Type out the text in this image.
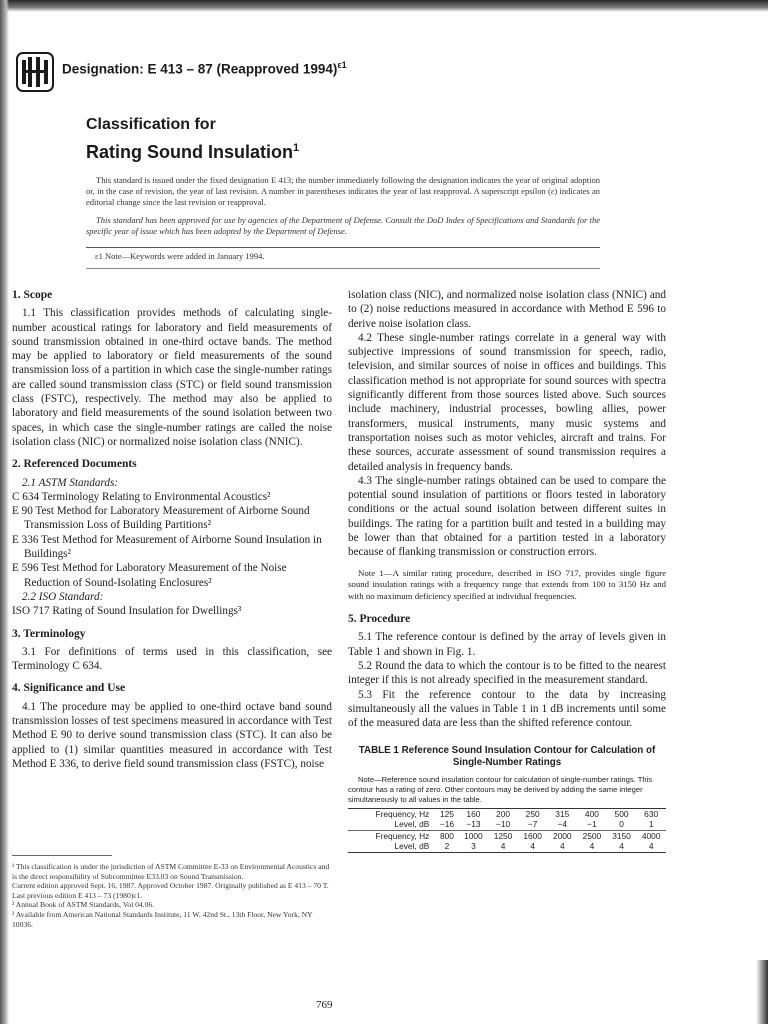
Designation: E 413 – 87 (Reapproved 1994)$^{\varepsilon 1}$
Classification for
Rating Sound Insulation$^1$

This standard is issued under the fixed designation E 413; the number immediately following the designation indicates the year of original adoption or, in the case of revision, the year of last revision. A number in parentheses indicates the year of last reapproval. A superscript epsilon (ε) indicates an editorial change since the last revision or reapproval.

This standard has been approved for use by agencies of the Department of Defense. Consult the DoD Index of Specifications and Standards for the specific year of issue which has been adopted by the Department of Defense.

ε1 Note—Keywords were added in January 1994.
1. Scope

1.1 This classification provides methods of calculating single-number acoustical ratings for laboratory and field measurements of sound transmission obtained in one-third octave bands. The method may be applied to laboratory or field measurements of the sound transmission loss of a partition in which case the single-number ratings are called sound transmission class (STC) or field sound transmission class (FSTC), respectively. The method may also be applied to laboratory and field measurements of the sound isolation between two spaces, in which case the single-number ratings are called the noise isolation class (NIC) or normalized noise isolation class (NNIC).

2. Referenced Documents

2.1 ASTM Standards:

C 634 Terminology Relating to Environmental Acoustics²

E 90 Test Method for Laboratory Measurement of Airborne Sound Transmission Loss of Building Partitions²

E 336 Test Method for Measurement of Airborne Sound Insulation in Buildings²

E 596 Test Method for Laboratory Measurement of the Noise Reduction of Sound-Isolating Enclosures²

2.2 ISO Standard:

ISO 717 Rating of Sound Insulation for Dwellings³

3. Terminology

3.1 For definitions of terms used in this classification, see Terminology C 634.

4. Significance and Use

4.1 The procedure may be applied to one-third octave band sound transmission losses of test specimens measured in accordance with Test Method E 90 to derive sound transmission class (STC). It can also be applied to (1) similar quantities measured in accordance with Test Method E 336, to derive field sound transmission class (FSTC), noise

isolation class (NIC), and normalized noise isolation class (NNIC) and to (2) noise reductions measured in accordance with Method E 596 to derive noise isolation class.

4.2 These single-number ratings correlate in a general way with subjective impressions of sound transmission for speech, radio, television, and similar sources of noise in offices and buildings. This classification method is not appropriate for sound sources with spectra significantly different from those sources listed above. Such sources include machinery, industrial processes, bowling allies, power transformers, musical instruments, many music systems and transportation noises such as motor vehicles, aircraft and trains. For these sources, accurate assessment of sound transmission requires a detailed analysis in frequency bands.

4.3 The single-number ratings obtained can be used to compare the potential sound insulation of partitions or floors tested in laboratory conditions or the actual sound isolation between different suites in buildings. The rating for a partition built and tested in a building may be lower than that obtained for a partition tested in a laboratory because of flanking transmission or construction errors.

Note 1—A similar rating procedure, described in ISO 717, provides single figure sound insulation ratings with a frequency range that extends from 100 to 3150 Hz and with no maximum deficiency specified at individual frequencies.

5. Procedure

5.1 The reference contour is defined by the array of levels given in Table 1 and shown in Fig. 1.

5.2 Round the data to which the contour is to be fitted to the nearest integer if this is not already specified in the measurement standard.

5.3 Fit the reference contour to the data by increasing simultaneously all the values in Table 1 in 1 dB increments until some of the measured data are less than the shifted reference contour.

TABLE 1 Reference Sound Insulation Contour for Calculation of Single-Number Ratings
Note—Reference sound insulation contour for calculation of single-number ratings. This contour has a rating of zero. Other contours may be derived by adding the same integer simultaneously to all values in the table.
Frequency, Hz	125	160	200	250	315	400	500	630
Level, dB	−16	−13	−10	−7	−4	−1	0	1
Frequency, Hz	800	1000	1250	1600	2000	2500	3150	4000
Level, dB	2	3	4	4	4	4	4	4

¹ This classification is under the jurisdiction of ASTM Committee E-33 on Environmental Acoustics and is the direct responsibility of Subcommittee E33.03 on Sound Transmission.

Current edition approved Sept. 16, 1987. Approved October 1987. Originally published as E 413 – 70 T. Last previous edition E 413 – 73 (1980)ε1.

² Annual Book of ASTM Standards, Vol 04.06.

³ Available from American National Standards Institute, 11 W. 42nd St., 13th Floor, New York, NY 10036.

769
